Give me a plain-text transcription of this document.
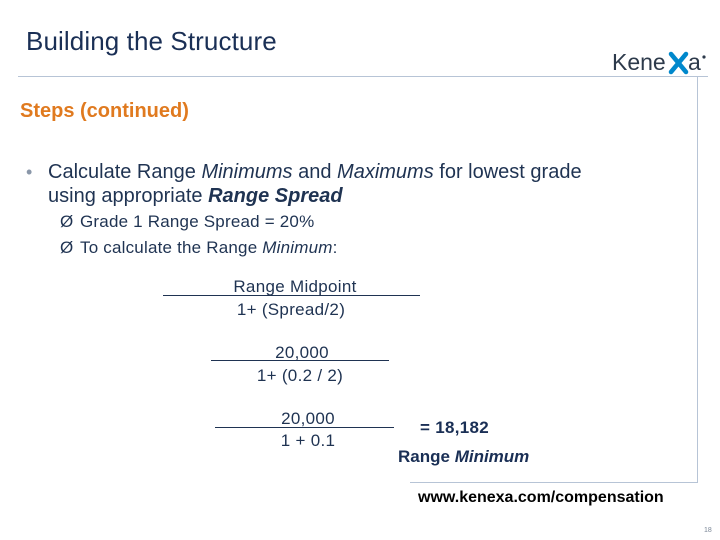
Building the Structure
Kene a
Steps (continued)
• Calculate Range Minimums and Maximums for lowest grade using appropriate Range Spread
Ø Grade 1 Range Spread = 20%
Ø To calculate the Range Minimum:
Range Midpoint
1+ (Spread/2)
20,000
1+ (0.2 / 2)
20,000
1 + 0.1
= 18,182
Range Minimum
www.kenexa.com/compensation
18
